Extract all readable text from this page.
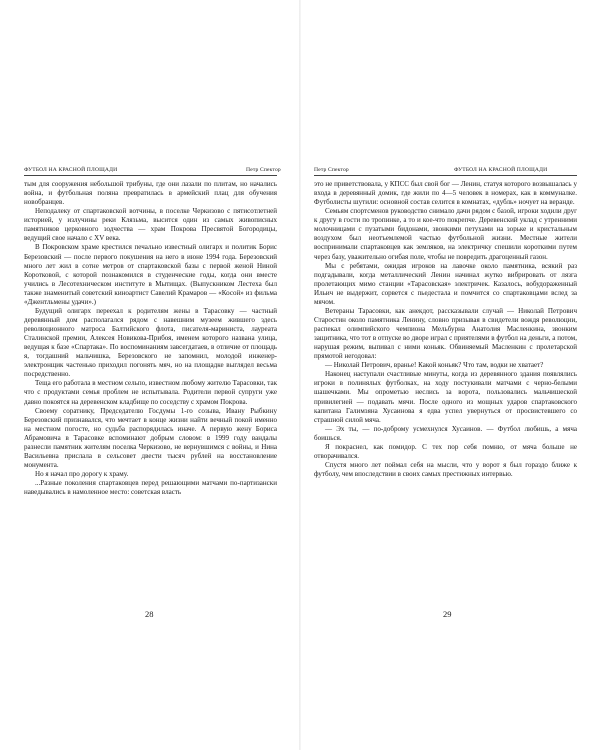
ФУТБОЛ НА КРАСНОЙ ПЛОЩАДИ	Петр Спектор

тым для сооружения небольшой трибуны, где они лазали по плитам, но начались война, и футбольная поляна превратилась в армейский плац для обучения новобранцев.

Неподалеку от спартаковской вотчины, в поселке Черкизово с пятисотлетней историей, у излучины реки Клязьма, высится один из самых живописных памятников церковного зодчества — храм Покрова Пресвятой Богородицы, ведущий свое начало с XV века.

В Покровском храме крестился печально известный олигарх и политик Борис Березовский — после первого покушения на него в июне 1994 года. Березовский много лет жил в сотне метров от спартаковской базы с первой женой Ниной Коротковой, с которой познакомился в студенческие годы, когда они вместе учились в Лесотехническом институте в Мытищах. (Выпускником Лестеха был также знаменитый советский киноартист Савелий Крамаров — «Косой» из фильма «Джентльмены удачи».)

Будущий олигарх переехал к родителям жены в Тарасовку — частный деревянный дом располагался рядом с навешним музеем жившего здесь революционного матроса Балтийского флота, писателя-мариниста, лауреата Сталинской премии, Алексея Новикова-Прибоя, именем которого названа улица, ведущая к базе «Спартака». По воспоминаниям завсегдатаев, в отличие от площадь я, тогдашний мальчишка, Березовского не запомнил, молодой инженер-электронщик частенько приходил погонять мяч, но на площадке выглядел весьма посредственно.

Теща его работала в местном сельпо, известном любому жителю Тарасовки, так что с продуктами семья проблем не испытывала. Родители первой супруги уже давно покоятся на деревенском кладбище по соседству с храмом Покрова.

Своему соратнику, Председателю Госдумы 1-го созыва, Ивану Рыбкину Березовский признавался, что мечтает в конце жизни найти вечный покой именно на местном погосте, но судьба распорядилась иначе. А первую жену Бориса Абрамовича в Тарасовке вспоминают добрым словом: в 1999 году вандалы разнесли памятник жителям поселка Черкизово, не вернувшимся с войны, и Нина Васильевна прислала в сельсовет двести тысяч рублей на восстановление монумента.

Но я начал про дорогу к храму.

...Разные поколения спартаковцев перед решающими матчами по-партизански наведывались в намоленное место: советская власть

28
Петр Спектор	ФУТБОЛ НА КРАСНОЙ ПЛОЩАДИ

это не приветствовала, у КПСС был свой бог — Ленин, статуя которого возвышалась у входа в деревянный домик, где жили по 4—5 человек в номерах, как в коммуналке. Футболисты шутили: основной состав селится в комнатах, «дубль» ночует на веранде.

Семьям спортсменов руководство снимало дачи рядом с базой, игроки ходили друг к другу в гости по тропинке, а то и кое-что покрепче. Деревенский уклад с утренними молочницами с пузатыми бидонами, звонкими петухами на зорьке и кристальным воздухом был неотъемлемой частью футбольной жизни. Местные жители воспринимали спартаковцев как земляков, на электричку спешили короткими путем через базу, уважительно огибая поле, чтобы не повредить драгоценный газон.

Мы с ребятами, ожидая игроков на лавочке около памятника, всякий раз подгадывали, когда металлический Ленин начинал жутко вибрировать от лязга пролетающих мимо станции «Тарасовская» электричек. Казалось, вобудораженный Ильич не выдержит, сорвется с пьедестала и помчится со спартаковцами вслед за мячом.

Ветераны Тарасовки, как анекдот, рассказывали случай — Николай Петрович Старостин около памятника Ленину, словно призывая в свидетели вождя революции, распекал олимпийского чемпиона Мельбурна Анатолия Масленкина, звонким защитника, что тот в отпуске во дворе играл с приятелями в футбол на деньги, а потом, нарушая режим, выпивал с ними коньяк. Обвиняемый Масленкин с пролетарской прямотой негодовал:

— Николай Петрович, вранье! Какой коньяк? Что там, водки не хватает?

Наконец наступали счастливые минуты, когда из деревянного здания появлялись игроки в полинялых футболках, на ходу постукивали матчами с черно-белыми шашечками. Мы опрометью неслись за ворота, пользовались мальчишеской привилегией — подавать мячи. После одного из мощных ударов спартаковского капитана Галимзяна Хусаинова я едва успел увернуться от просвистевшего со страшной силой мяча.

— Эх ты, — по-доброму усмехнулся Хусаинов. — Футбол любишь, а мяча боишься.

Я покраснел, как помидор. С тех пор себя помню, от мяча больше не отворачивался.

Спустя много лет поймал себя на мысли, что у ворот я был гораздо ближе к футболу, чем впоследствии в своих самых престижных интервью.

29
